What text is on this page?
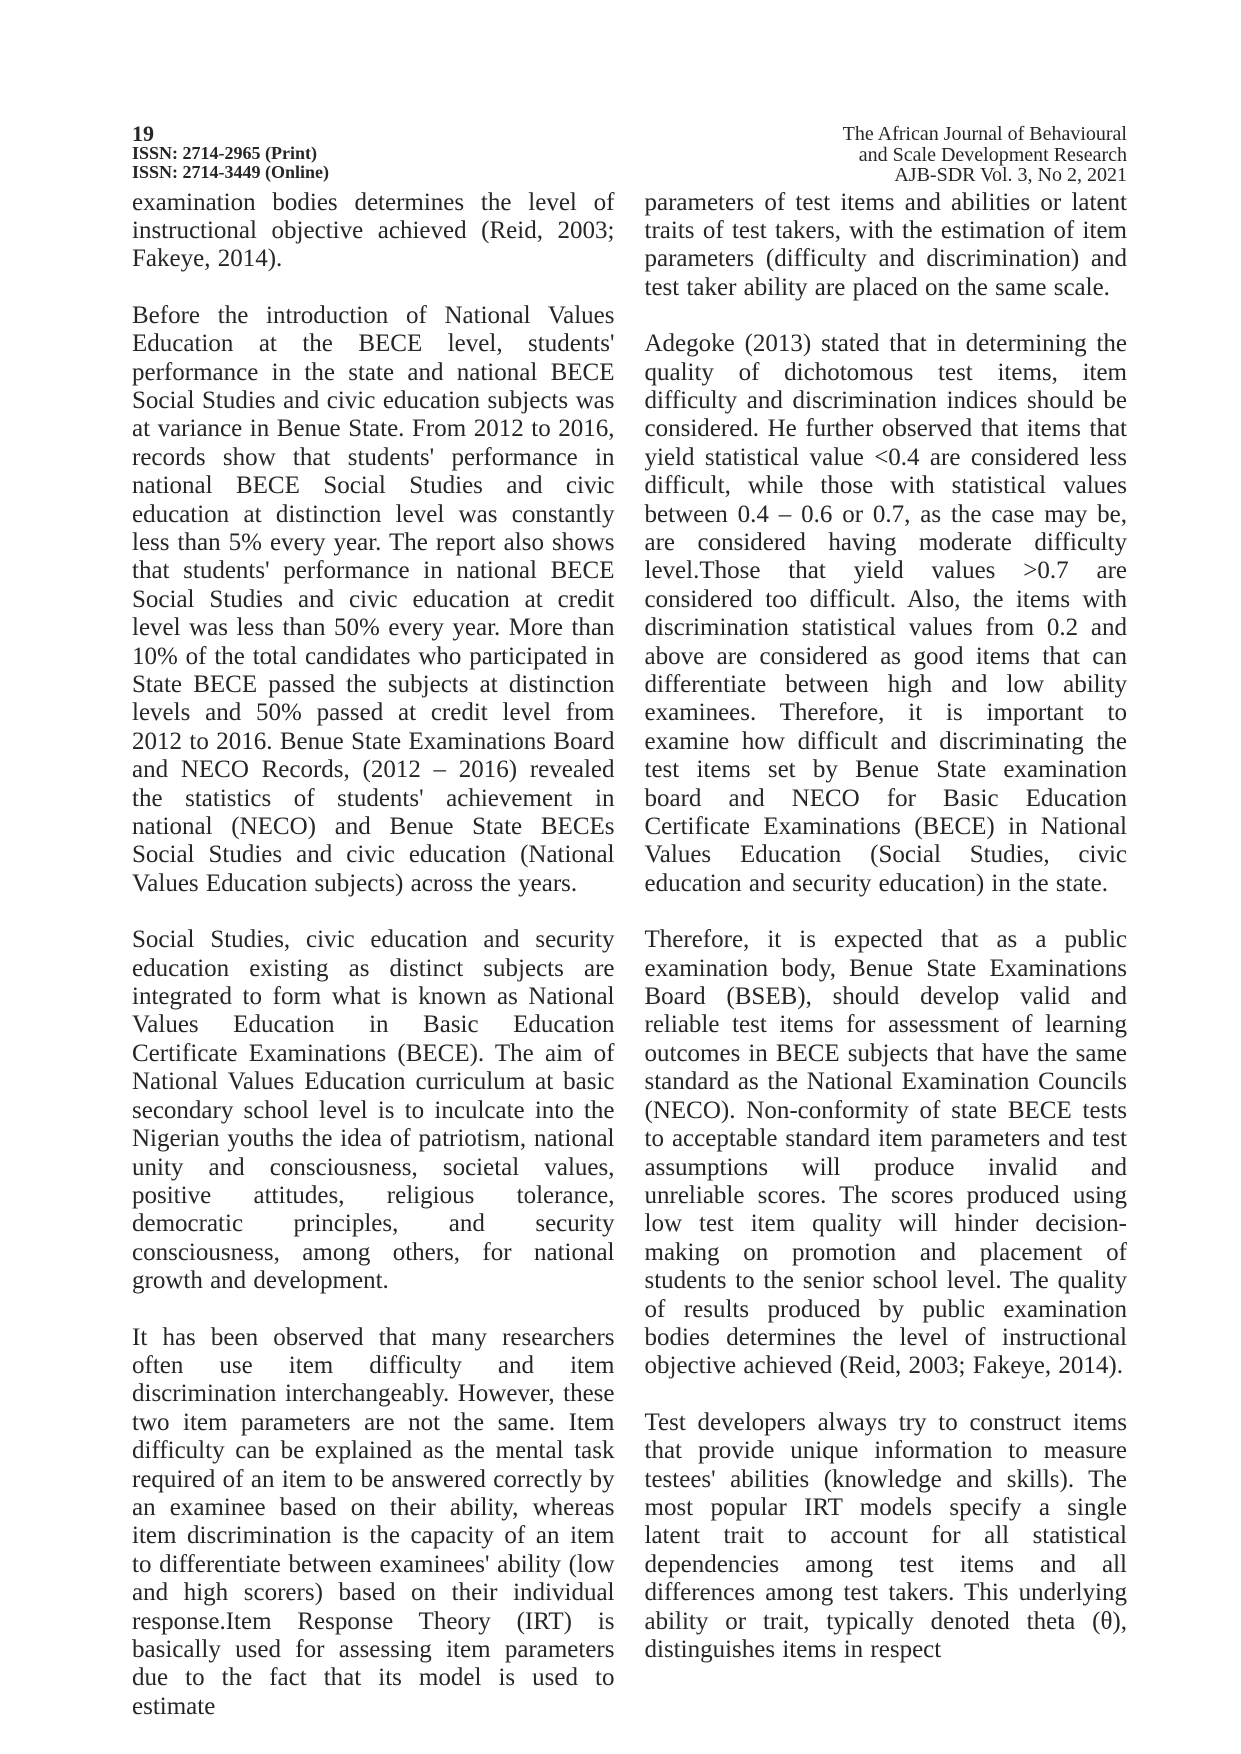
19
ISSN: 2714-2965 (Print)
ISSN: 2714-3449 (Online)
The African Journal of Behavioural
and Scale Development Research
AJB-SDR Vol. 3, No 2, 2021

examination bodies determines the level of instructional objective achieved (Reid, 2003; Fakeye, 2014).

Before the introduction of National Values Education at the BECE level, students' performance in the state and national BECE Social Studies and civic education subjects was at variance in Benue State. From 2012 to 2016, records show that students' performance in national BECE Social Studies and civic education at distinction level was constantly less than 5% every year. The report also shows that students' performance in national BECE Social Studies and civic education at credit level was less than 50% every year. More than 10% of the total candidates who participated in State BECE passed the subjects at distinction levels and 50% passed at credit level from 2012 to 2016. Benue State Examinations Board and NECO Records, (2012 – 2016) revealed the statistics of students' achievement in national (NECO) and Benue State BECEs Social Studies and civic education (National Values Education subjects) across the years.

Social Studies, civic education and security education existing as distinct subjects are integrated to form what is known as National Values Education in Basic Education Certificate Examinations (BECE). The aim of National Values Education curriculum at basic secondary school level is to inculcate into the Nigerian youths the idea of patriotism, national unity and consciousness, societal values, positive attitudes, religious tolerance, democratic principles, and security consciousness, among others, for national growth and development.

It has been observed that many researchers often use item difficulty and item discrimination interchangeably. However, these two item parameters are not the same. Item difficulty can be explained as the mental task required of an item to be answered correctly by an examinee based on their ability, whereas item discrimination is the capacity of an item to differentiate between examinees' ability (low and high scorers) based on their individual response.Item Response Theory (IRT) is basically used for assessing item parameters due to the fact that its model is used to estimate

parameters of test items and abilities or latent traits of test takers, with the estimation of item parameters (difficulty and discrimination) and test taker ability are placed on the same scale.

Adegoke (2013) stated that in determining the quality of dichotomous test items, item difficulty and discrimination indices should be considered. He further observed that items that yield statistical value <0.4 are considered less difficult, while those with statistical values between 0.4 – 0.6 or 0.7, as the case may be, are considered having moderate difficulty level.Those that yield values >0.7 are considered too difficult. Also, the items with discrimination statistical values from 0.2 and above are considered as good items that can differentiate between high and low ability examinees. Therefore, it is important to examine how difficult and discriminating the test items set by Benue State examination board and NECO for Basic Education Certificate Examinations (BECE) in National Values Education (Social Studies, civic education and security education) in the state.

Therefore, it is expected that as a public examination body, Benue State Examinations Board (BSEB), should develop valid and reliable test items for assessment of learning outcomes in BECE subjects that have the same standard as the National Examination Councils (NECO). Non-conformity of state BECE tests to acceptable standard item parameters and test assumptions will produce invalid and unreliable scores. The scores produced using low test item quality will hinder decision-making on promotion and placement of students to the senior school level. The quality of results produced by public examination bodies determines the level of instructional objective achieved (Reid, 2003; Fakeye, 2014).

Test developers always try to construct items that provide unique information to measure testees' abilities (knowledge and skills). The most popular IRT models specify a single latent trait to account for all statistical dependencies among test items and all differences among test takers. This underlying ability or trait, typically denoted theta (θ), distinguishes items in respect
